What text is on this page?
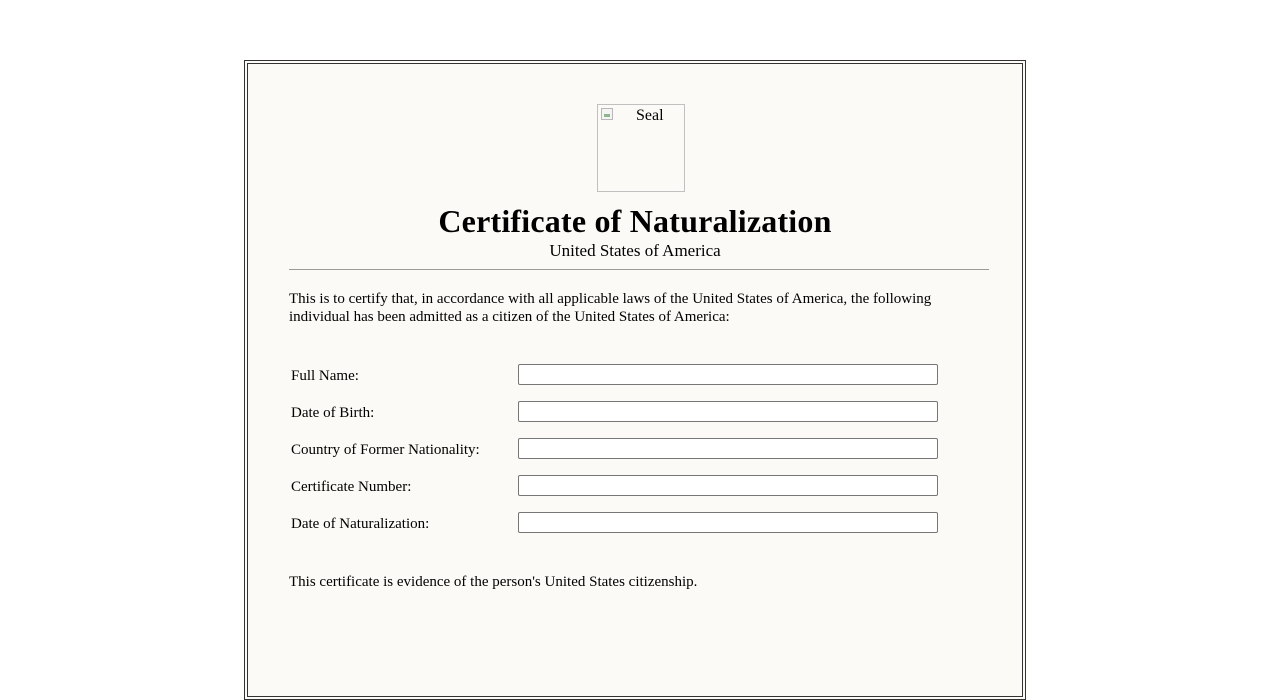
Seal
Certificate of Naturalization
United States of America
This is to certify that, in accordance with all applicable laws of the United States of America, the following individual has been admitted as a citizen of the United States of America:
Full Name:
Date of Birth:
Country of Former Nationality:
Certificate Number:
Date of Naturalization:
This certificate is evidence of the person's United States citizenship.
